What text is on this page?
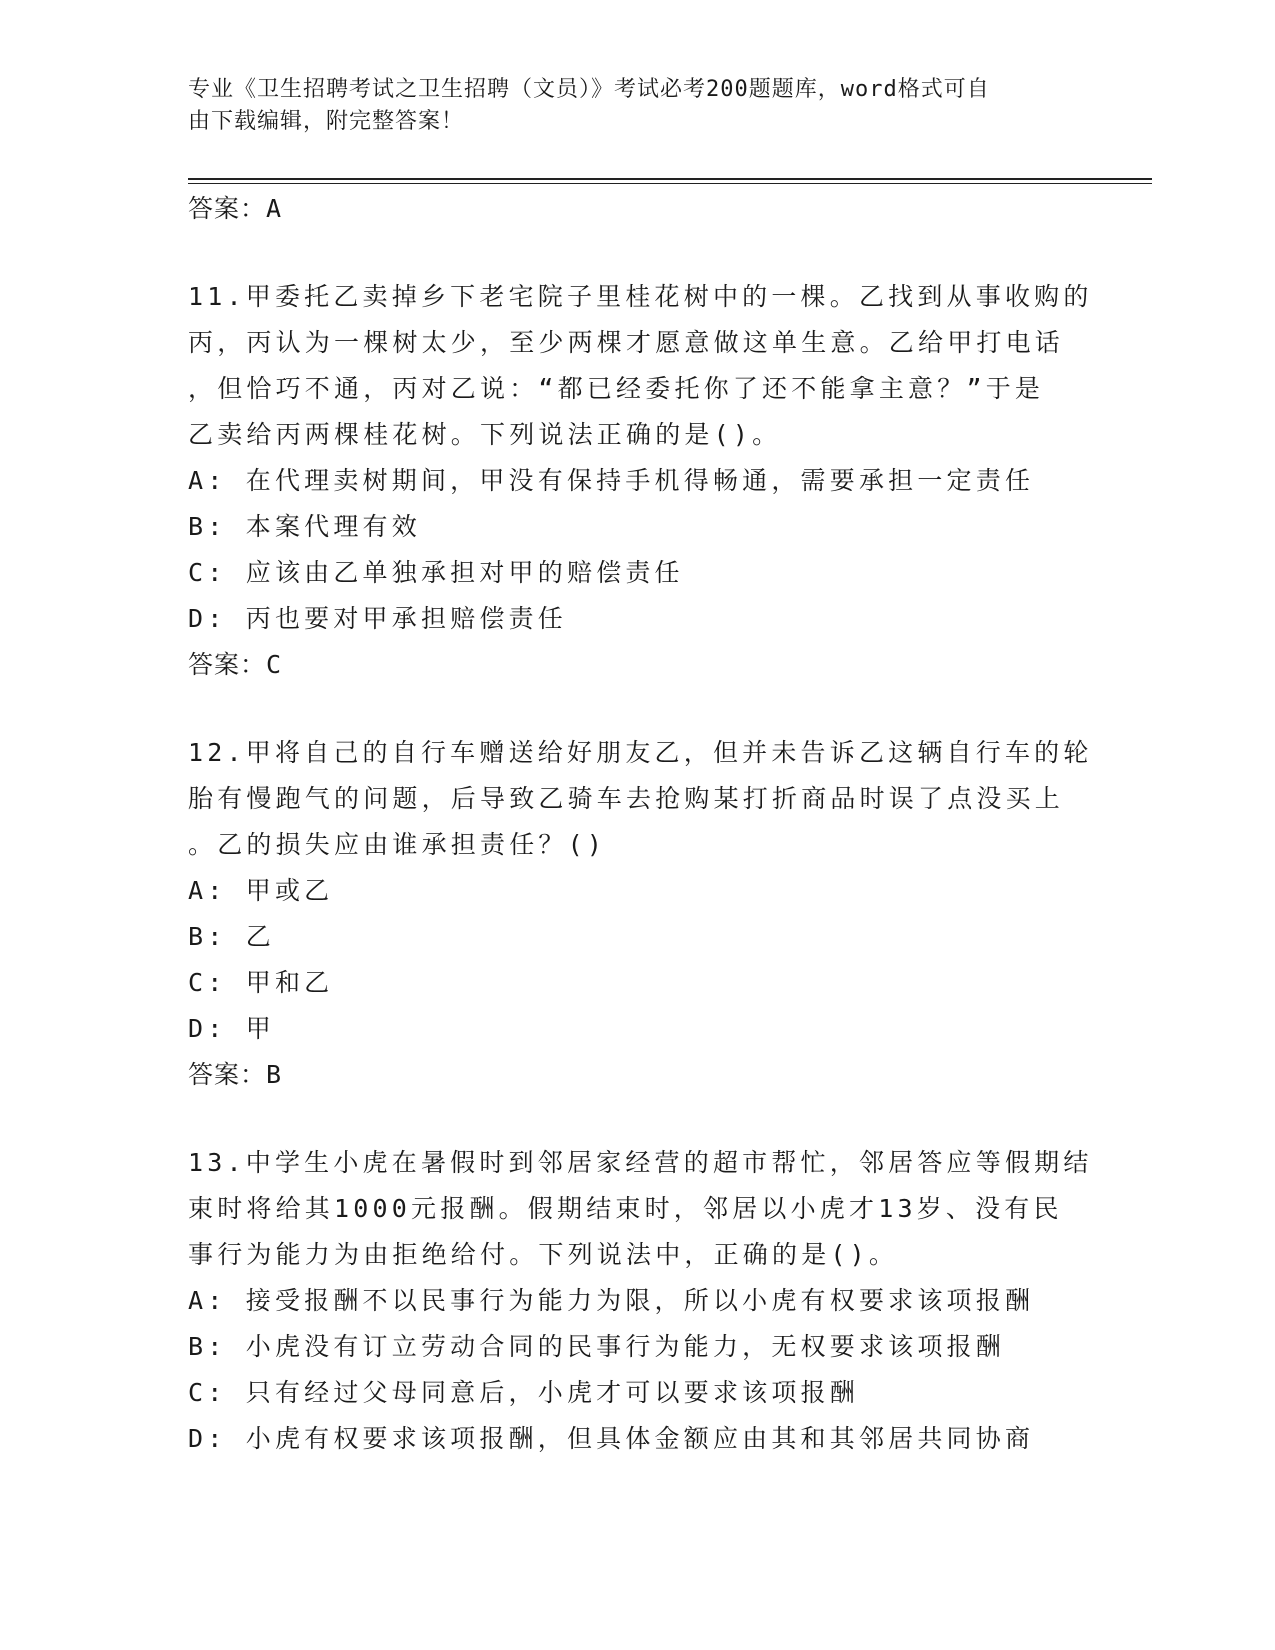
专业《卫生招聘考试之卫生招聘（文员）》考试必考200题题库，word格式可自
由下载编辑，附完整答案！
答案：A
11.甲委托乙卖掉乡下老宅院子里桂花树中的一棵。乙找到从事收购的
丙，丙认为一棵树太少，至少两棵才愿意做这单生意。乙给甲打电话
，但恰巧不通，丙对乙说：“都已经委托你了还不能拿主意？”于是
乙卖给丙两棵桂花树。下列说法正确的是()。
A: 在代理卖树期间，甲没有保持手机得畅通，需要承担一定责任
B: 本案代理有效
C: 应该由乙单独承担对甲的赔偿责任
D: 丙也要对甲承担赔偿责任
答案：C
12.甲将自己的自行车赠送给好朋友乙，但并未告诉乙这辆自行车的轮
胎有慢跑气的问题，后导致乙骑车去抢购某打折商品时误了点没买上
。乙的损失应由谁承担责任？()
A: 甲或乙
B: 乙
C: 甲和乙
D: 甲
答案：B
13.中学生小虎在暑假时到邻居家经营的超市帮忙，邻居答应等假期结
束时将给其1000元报酬。假期结束时，邻居以小虎才13岁、没有民
事行为能力为由拒绝给付。下列说法中，正确的是()。
A: 接受报酬不以民事行为能力为限，所以小虎有权要求该项报酬
B: 小虎没有订立劳动合同的民事行为能力，无权要求该项报酬
C: 只有经过父母同意后，小虎才可以要求该项报酬
D: 小虎有权要求该项报酬，但具体金额应由其和其邻居共同协商
